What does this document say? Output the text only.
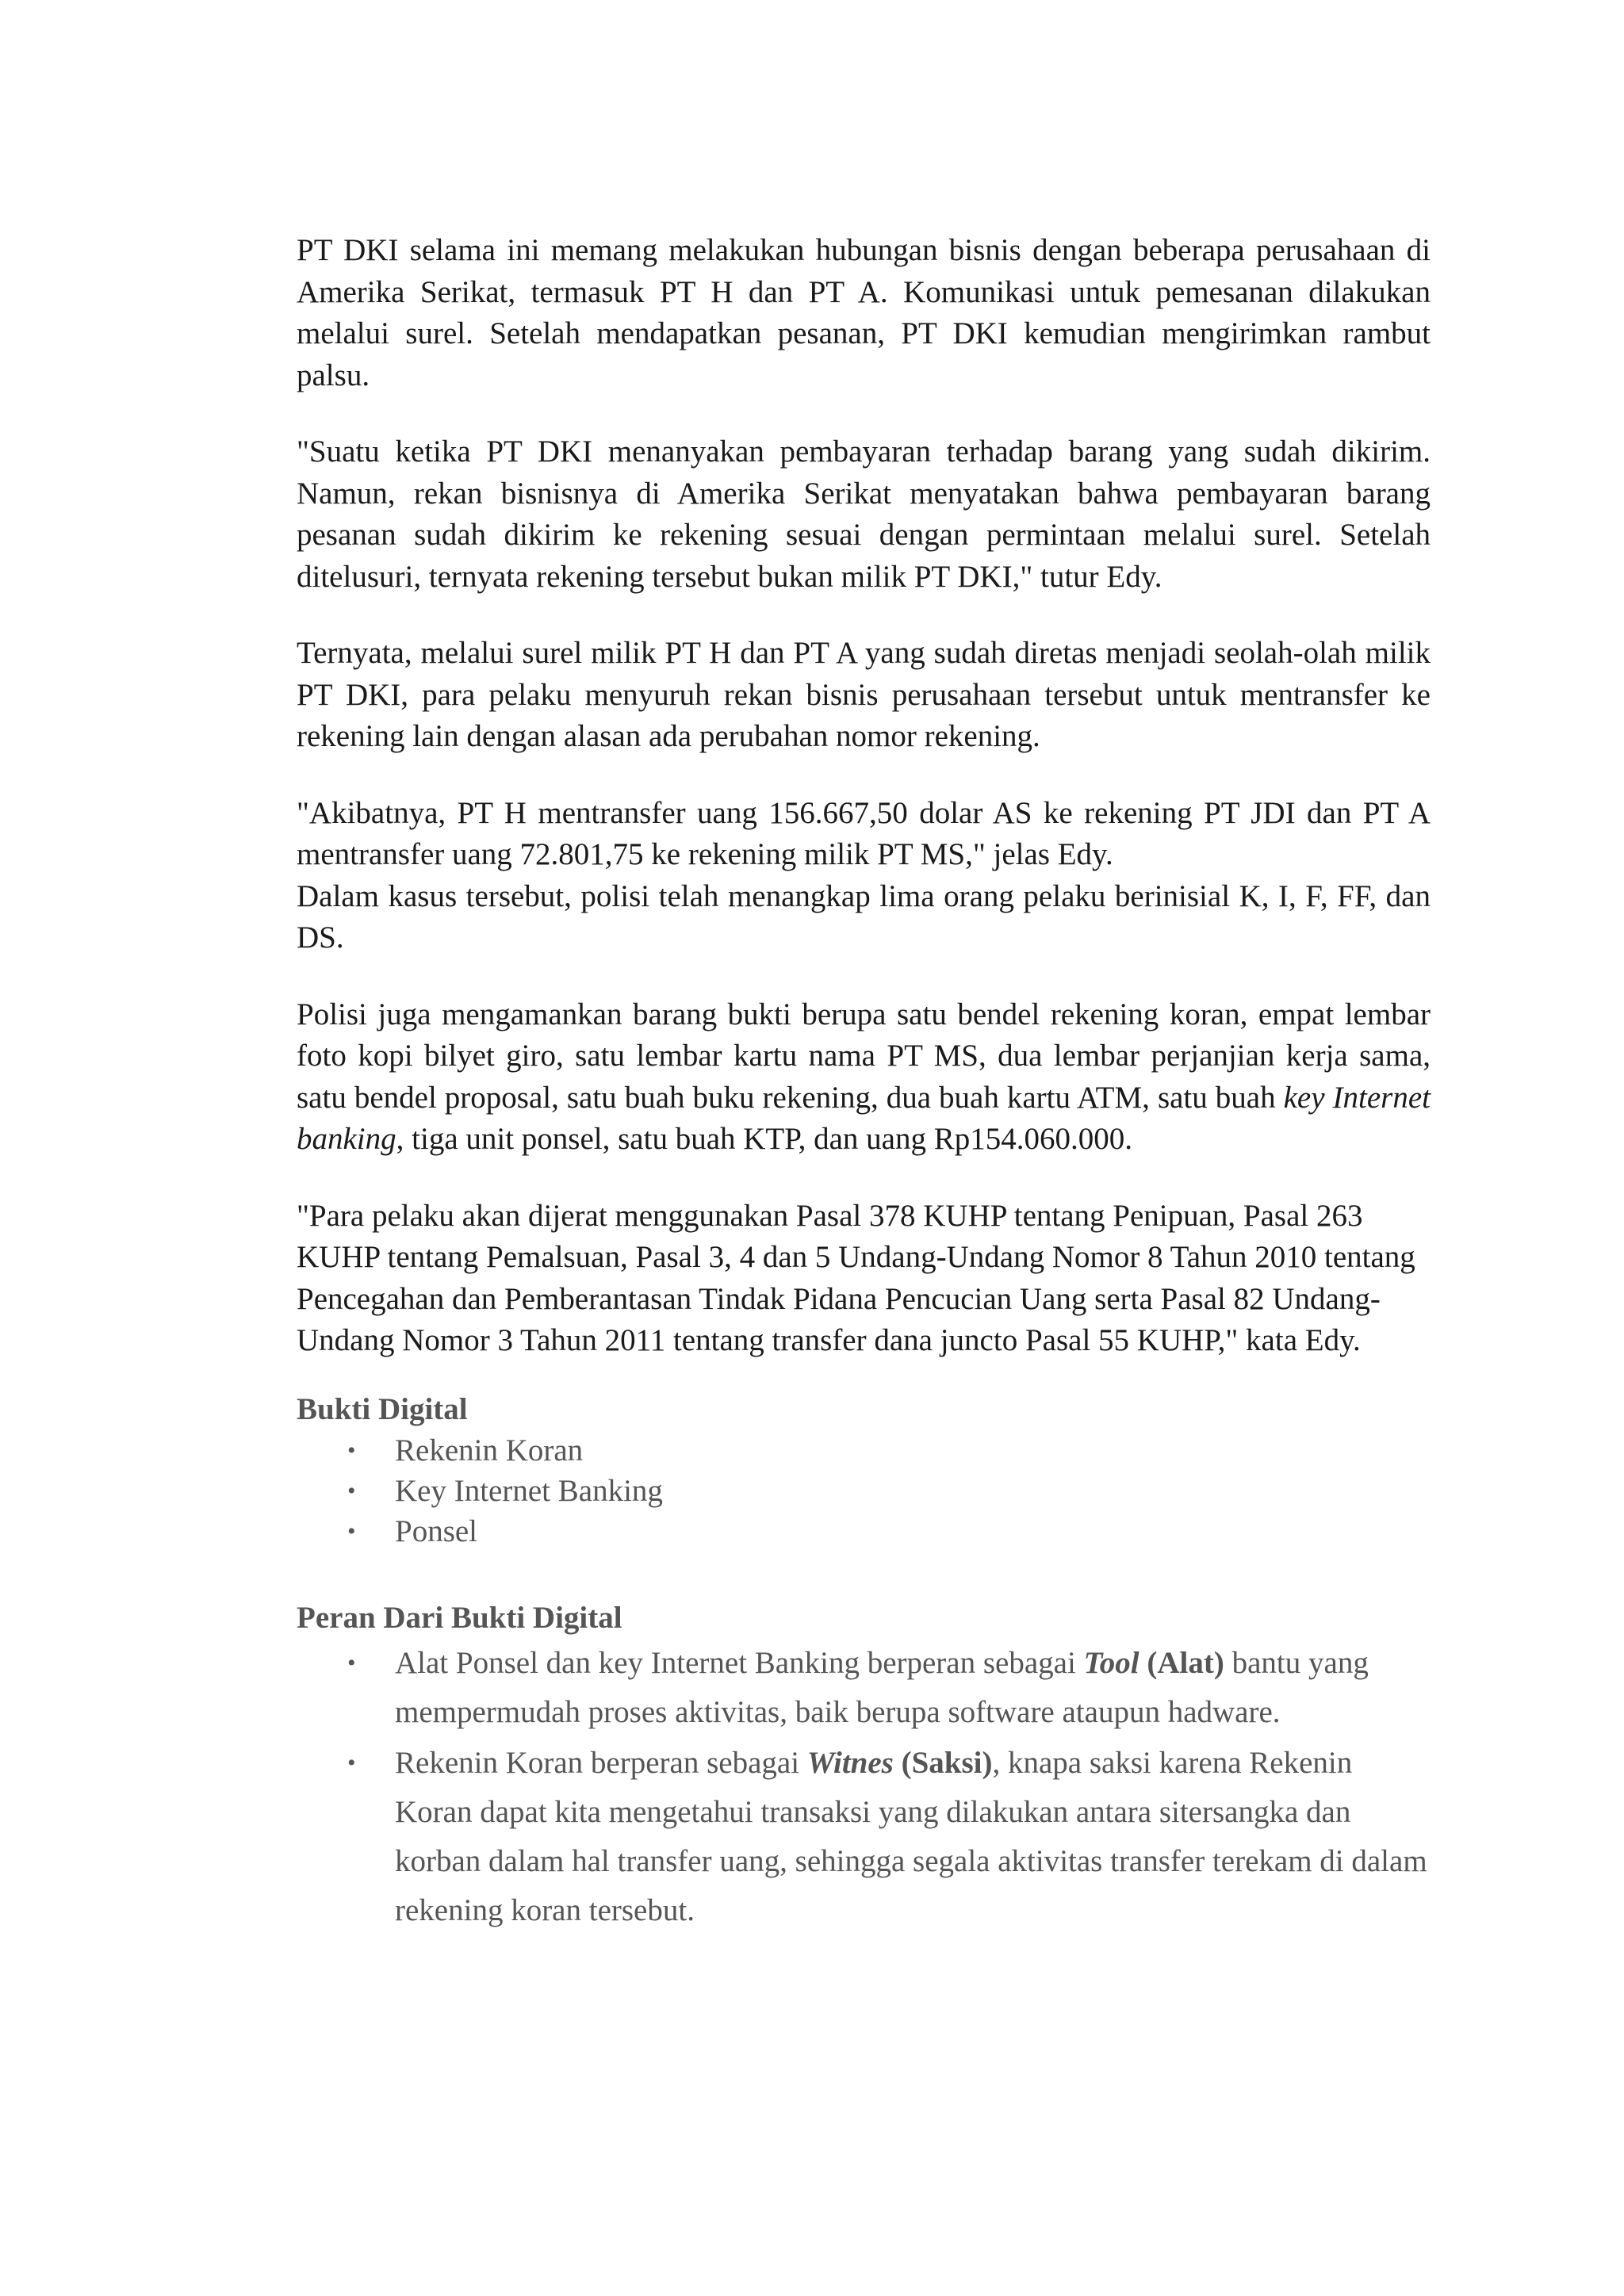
PT DKI selama ini memang melakukan hubungan bisnis dengan beberapa perusahaan di Amerika Serikat, termasuk PT H dan PT A. Komunikasi untuk pemesanan dilakukan melalui surel. Setelah mendapatkan pesanan, PT DKI kemudian mengirimkan rambut palsu.

"Suatu ketika PT DKI menanyakan pembayaran terhadap barang yang sudah dikirim. Namun, rekan bisnisnya di Amerika Serikat menyatakan bahwa pembayaran barang pesanan sudah dikirim ke rekening sesuai dengan permintaan melalui surel. Setelah ditelusuri, ternyata rekening tersebut bukan milik PT DKI," tutur Edy.

Ternyata, melalui surel milik PT H dan PT A yang sudah diretas menjadi seolah-olah milik PT DKI, para pelaku menyuruh rekan bisnis perusahaan tersebut untuk mentransfer ke rekening lain dengan alasan ada perubahan nomor rekening.

"Akibatnya, PT H mentransfer uang 156.667,50 dolar AS ke rekening PT JDI dan PT A mentransfer uang 72.801,75 ke rekening milik PT MS," jelas Edy.

Dalam kasus tersebut, polisi telah menangkap lima orang pelaku berinisial K, I, F, FF, dan DS.

Polisi juga mengamankan barang bukti berupa satu bendel rekening koran, empat lembar foto kopi bilyet giro, satu lembar kartu nama PT MS, dua lembar perjanjian kerja sama, satu bendel proposal, satu buah buku rekening, dua buah kartu ATM, satu buah key Internet banking, tiga unit ponsel, satu buah KTP, dan uang Rp154.060.000.

"Para pelaku akan dijerat menggunakan Pasal 378 KUHP tentang Penipuan, Pasal 263 KUHP tentang Pemalsuan, Pasal 3, 4 dan 5 Undang-Undang Nomor 8 Tahun 2010 tentang Pencegahan dan Pemberantasan Tindak Pidana Pencucian Uang serta Pasal 82 Undang-Undang Nomor 3 Tahun 2011 tentang transfer dana juncto Pasal 55 KUHP," kata Edy.

Bukti Digital
• Rekenin Koran
• Key Internet Banking
• Ponsel
Peran Dari Bukti Digital
• Alat Ponsel dan key Internet Banking berperan sebagai Tool (Alat) bantu yang mempermudah proses aktivitas, baik berupa software ataupun hadware.
• Rekenin Koran berperan sebagai Witnes (Saksi), knapa saksi karena Rekenin Koran dapat kita mengetahui transaksi yang dilakukan antara sitersangka dan korban dalam hal transfer uang, sehingga segala aktivitas transfer terekam di dalam rekening koran tersebut.
